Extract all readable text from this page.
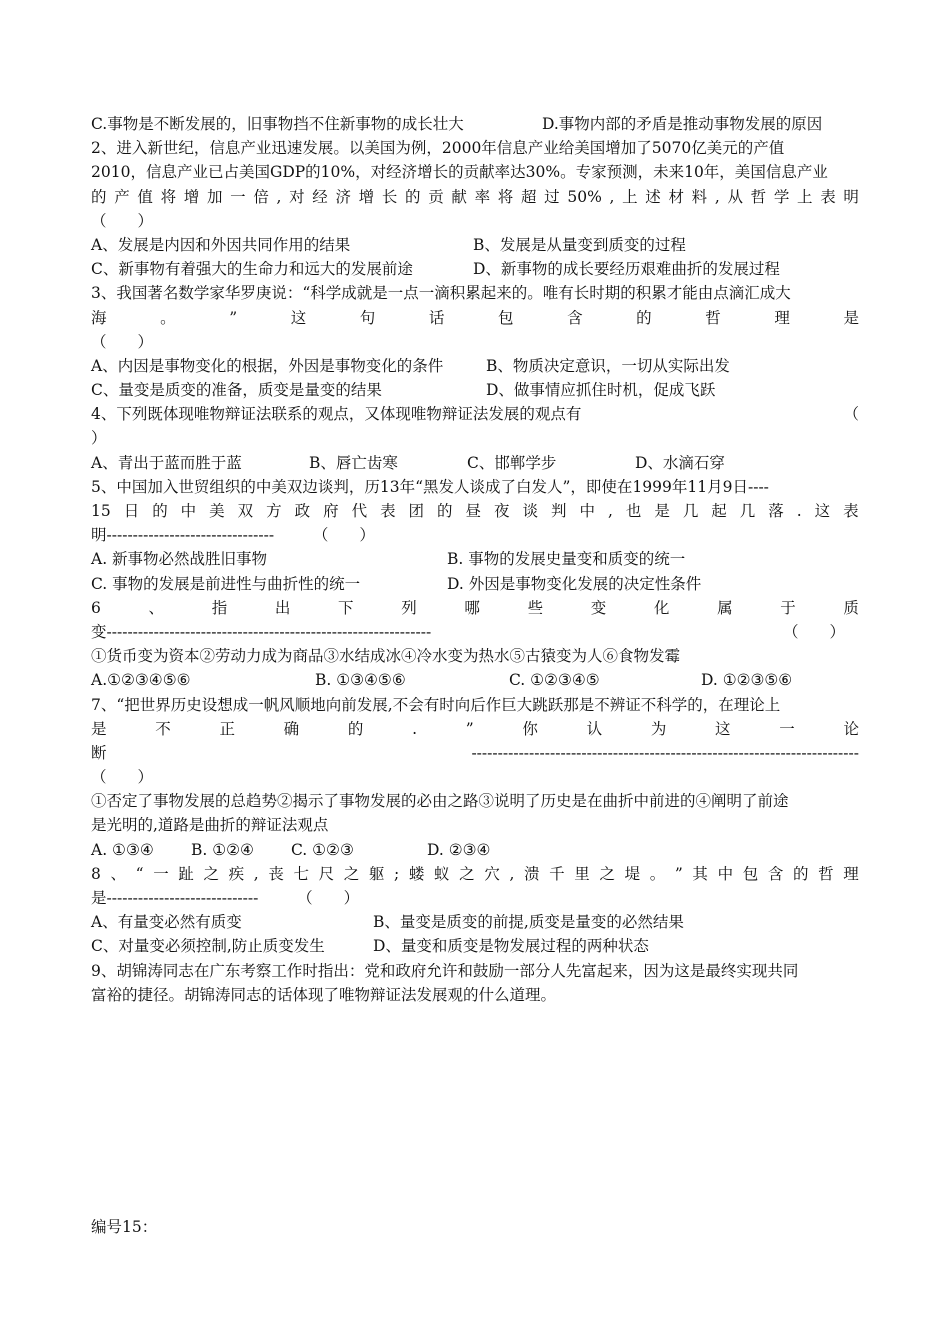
C.事物是不断发展的，旧事物挡不住新事物的成长壮大	D.事物内部的矛盾是推动事物发展的原因
2、进入新世纪，信息产业迅速发展。以美国为例，2000年信息产业给美国增加了5070亿美元的产值
2010，信息产业已占美国GDP的10%，对经济增长的贡献率达30%。专家预测，未来10年，美国信息产业
的 产 值 将 增 加 一 倍 , 对 经 济 增 长 的 贡 献 率 将 超 过 50% , 上 述 材 料 , 从 哲 学 上 表 明
（　　）
A、发展是内因和外因共同作用的结果	B、发展是从量变到质变的过程
C、新事物有着强大的生命力和远大的发展前途	D、新事物的成长要经历艰难曲折的发展过程
3、我国著名数学家华罗庚说：“科学成就是一点一滴积累起来的。唯有长时期的积累才能由点滴汇成大
海	。	”	这	句	话	包	含	的	哲	理	是
（　　）
A、内因是事物变化的根据，外因是事物变化的条件	B、物质决定意识，一切从实际出发
C、量变是质变的准备，质变是量变的结果	D、做事情应抓住时机，促成飞跃
4、下列既体现唯物辩证法联系的观点，又体现唯物辩证法发展的观点有	（
）
A、青出于蓝而胜于蓝	B、唇亡齿寒	C、邯郸学步	D、水滴石穿
5、中国加入世贸组织的中美双边谈判，历13年“黑发人谈成了白发人”，即使在1999年11月9日----
15 日 的 中 美 双 方 政 府 代 表 团 的 昼 夜 谈 判 中 , 也 是 几 起 几 落 . 这 表
明--------------------------------　　　（　　）
A. 新事物必然战胜旧事物	B. 事物的发展史量变和质变的统一
C. 事物的发展是前进性与曲折性的统一	D. 外因是事物变化发展的决定性条件
6	、	指	出	下	列	哪	些	变	化	属	于	质
变--------------------------------------------------------------	（　　）
①货币变为资本②劳动力成为商品③水结成冰④冷水变为热水⑤古猿变为人⑥食物发霉
A.①②③④⑤⑥	B. ①③④⑤⑥	C. ①②③④⑤	D. ①②③⑤⑥
7、“把世界历史设想成一帆风顺地向前发展,不会有时向后作巨大跳跃那是不辨证不科学的，在理论上
是	不	正	确	的	.	”	你	认	为	这	一	论
断	--------------------------------------------------------------------------
（　　）
①否定了事物发展的总趋势②揭示了事物发展的必由之路③说明了历史是在曲折中前进的④阐明了前途
是光明的,道路是曲折的辩证法观点
A. ①③④	B. ①②④	C. ①②③	D. ②③④
8 、 “ 一 趾 之 疾 , 丧 七 尺 之 躯 ; 蝼 蚁 之 穴 , 溃 千 里 之 堤 。 ” 其 中 包 含 的 哲 理
是-----------------------------　　　（　　）
A、有量变必然有质变	B、量变是质变的前提,质变是量变的必然结果
C、对量变必须控制,防止质变发生	D、量变和质变是物发展过程的两种状态
9、胡锦涛同志在广东考察工作时指出：党和政府允许和鼓励一部分人先富起来，因为这是最终实现共同
富裕的捷径。胡锦涛同志的话体现了唯物辩证法发展观的什么道理。
编号15：
